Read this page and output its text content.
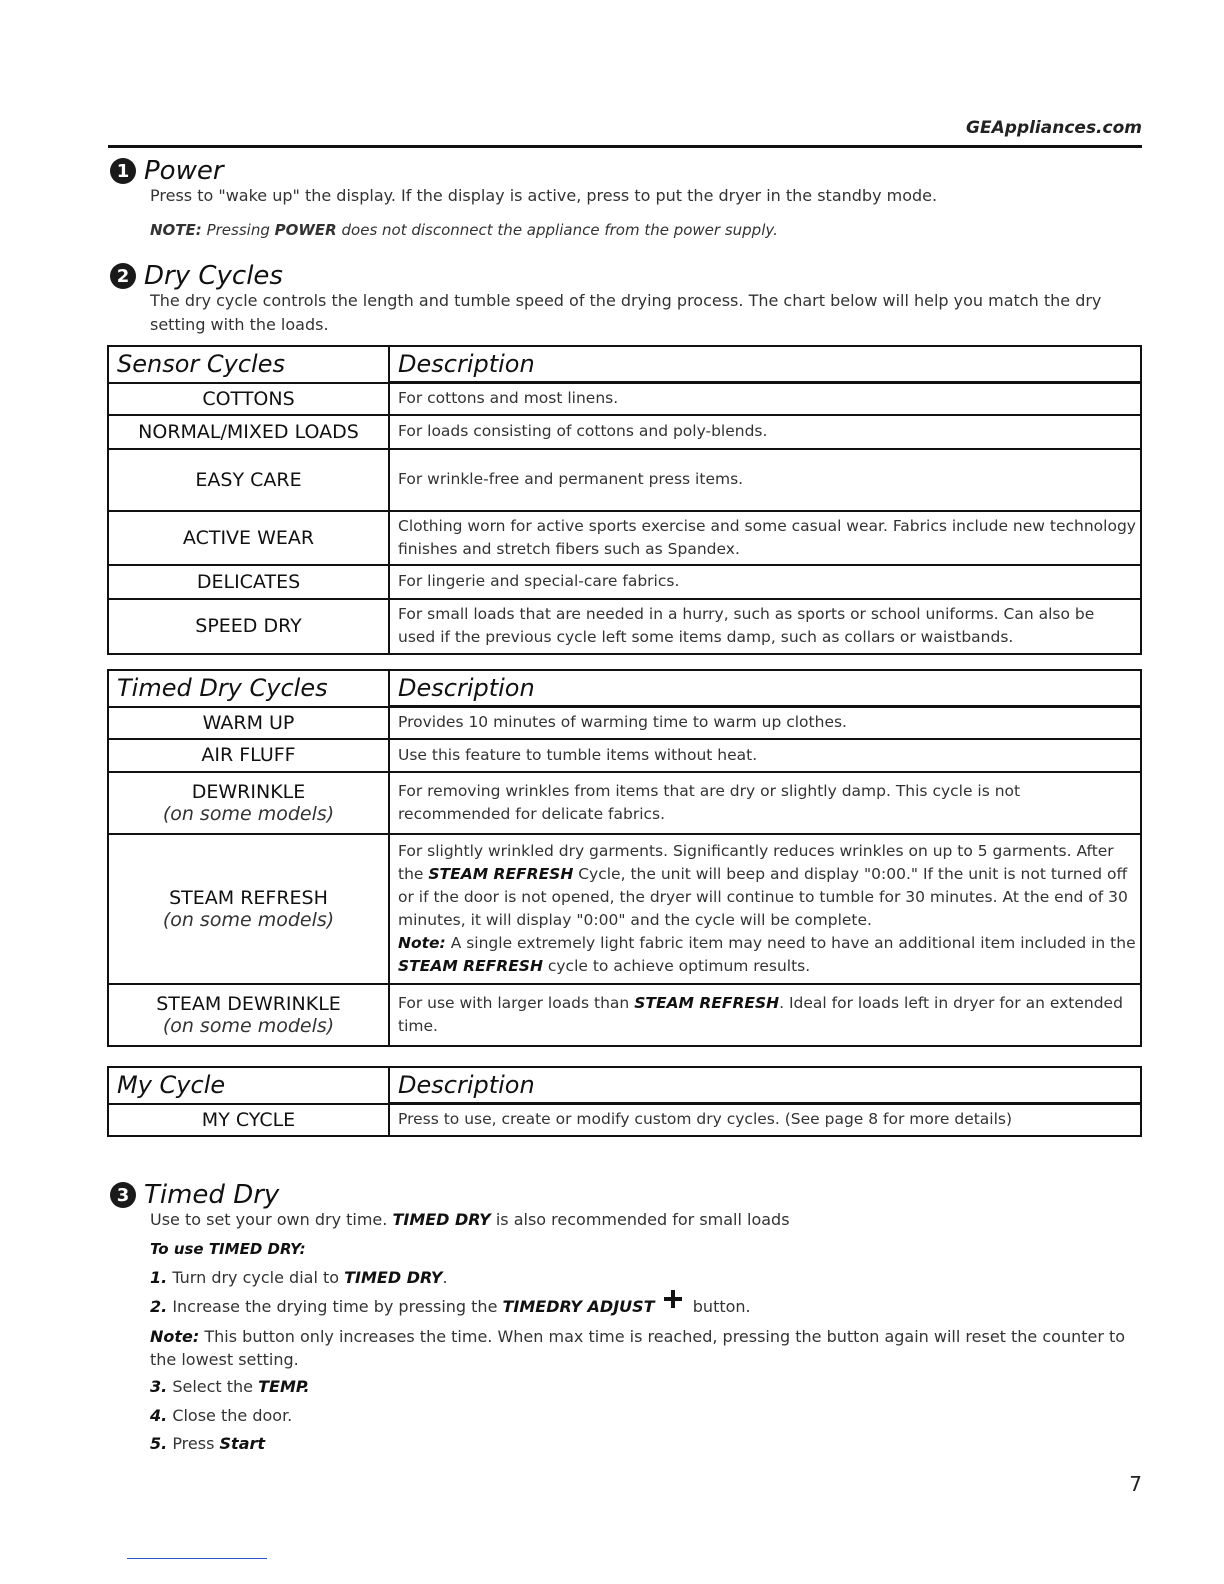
GEAppliances.com
1 Power
Press to "wake up" the display. If the display is active, press to put the dryer in the standby mode.
NOTE: Pressing POWER does not disconnect the appliance from the power supply.
2 Dry Cycles
The dry cycle controls the length and tumble speed of the drying process. The chart below will help you match the dry setting with the loads.
Sensor Cycles	Description
COTTONS	For cottons and most linens.
NORMAL/MIXED LOADS	For loads consisting of cottons and poly-blends.
EASY CARE	For wrinkle-free and permanent press items.
ACTIVE WEAR	Clothing worn for active sports exercise and some casual wear. Fabrics include new technology finishes and stretch fibers such as Spandex.
DELICATES	For lingerie and special-care fabrics.
SPEED DRY	For small loads that are needed in a hurry, such as sports or school uniforms. Can also be used if the previous cycle left some items damp, such as collars or waistbands.
Timed Dry Cycles	Description
WARM UP	Provides 10 minutes of warming time to warm up clothes.
AIR FLUFF	Use this feature to tumble items without heat.
DEWRINKLE
(on some models)	For removing wrinkles from items that are dry or slightly damp. This cycle is not recommended for delicate fabrics.
STEAM REFRESH
(on some models)	For slightly wrinkled dry garments. Significantly reduces wrinkles on up to 5 garments. After the STEAM REFRESH Cycle, the unit will beep and display "0:00." If the unit is not turned off or if the door is not opened, the dryer will continue to tumble for 30 minutes. At the end of 30 minutes, it will display "0:00" and the cycle will be complete.
Note: A single extremely light fabric item may need to have an additional item included in the STEAM REFRESH cycle to achieve optimum results.
STEAM DEWRINKLE
(on some models)	For use with larger loads than STEAM REFRESH. Ideal for loads left in dryer for an extended time.
My Cycle	Description
MY CYCLE	Press to use, create or modify custom dry cycles. (See page 8 for more details)
3 Timed Dry
Use to set your own dry time. TIMED DRY is also recommended for small loads
To use TIMED DRY:
1. Turn dry cycle dial to TIMED DRY.
2. Increase the drying time by pressing the TIMEDRY ADJUST button.
Note: This button only increases the time. When max time is reached, pressing the button again will reset the counter to the lowest setting.
3. Select the TEMP.
4. Close the door.
5. Press Start
7
